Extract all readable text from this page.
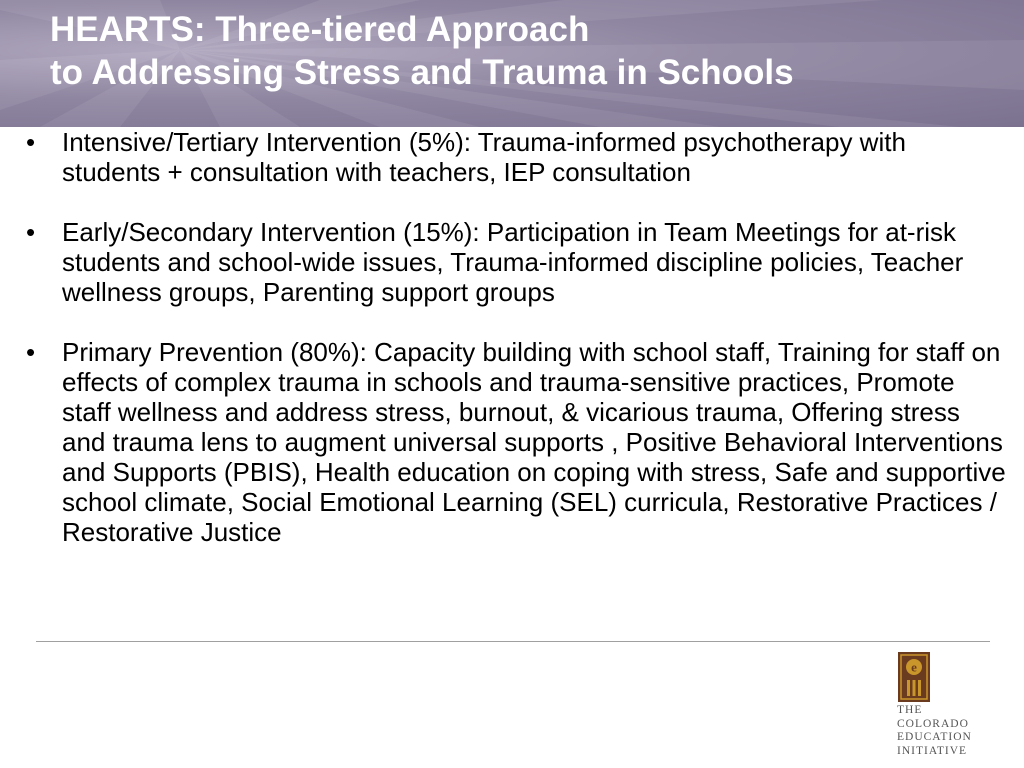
HEARTS: Three-tiered Approach
to Addressing Stress and Trauma in Schools
• Intensive/Tertiary Intervention (5%): Trauma-informed psychotherapy with students + consultation with teachers, IEP consultation
• Early/Secondary Intervention (15%): Participation in Team Meetings for at-risk students and school-wide issues, Trauma-informed discipline policies, Teacher wellness groups, Parenting support groups
• Primary Prevention (80%): Capacity building with school staff, Training for staff on effects of complex trauma in schools and trauma-sensitive practices, Promote staff wellness and address stress, burnout, & vicarious trauma, Offering stress and trauma lens to augment universal supports , Positive Behavioral Interventions and Supports (PBIS), Health education on coping with stress, Safe and supportive school climate, Social Emotional Learning (SEL) curricula, Restorative Practices / Restorative Justice
e
THE
COLORADO
EDUCATION
INITIATIVE
